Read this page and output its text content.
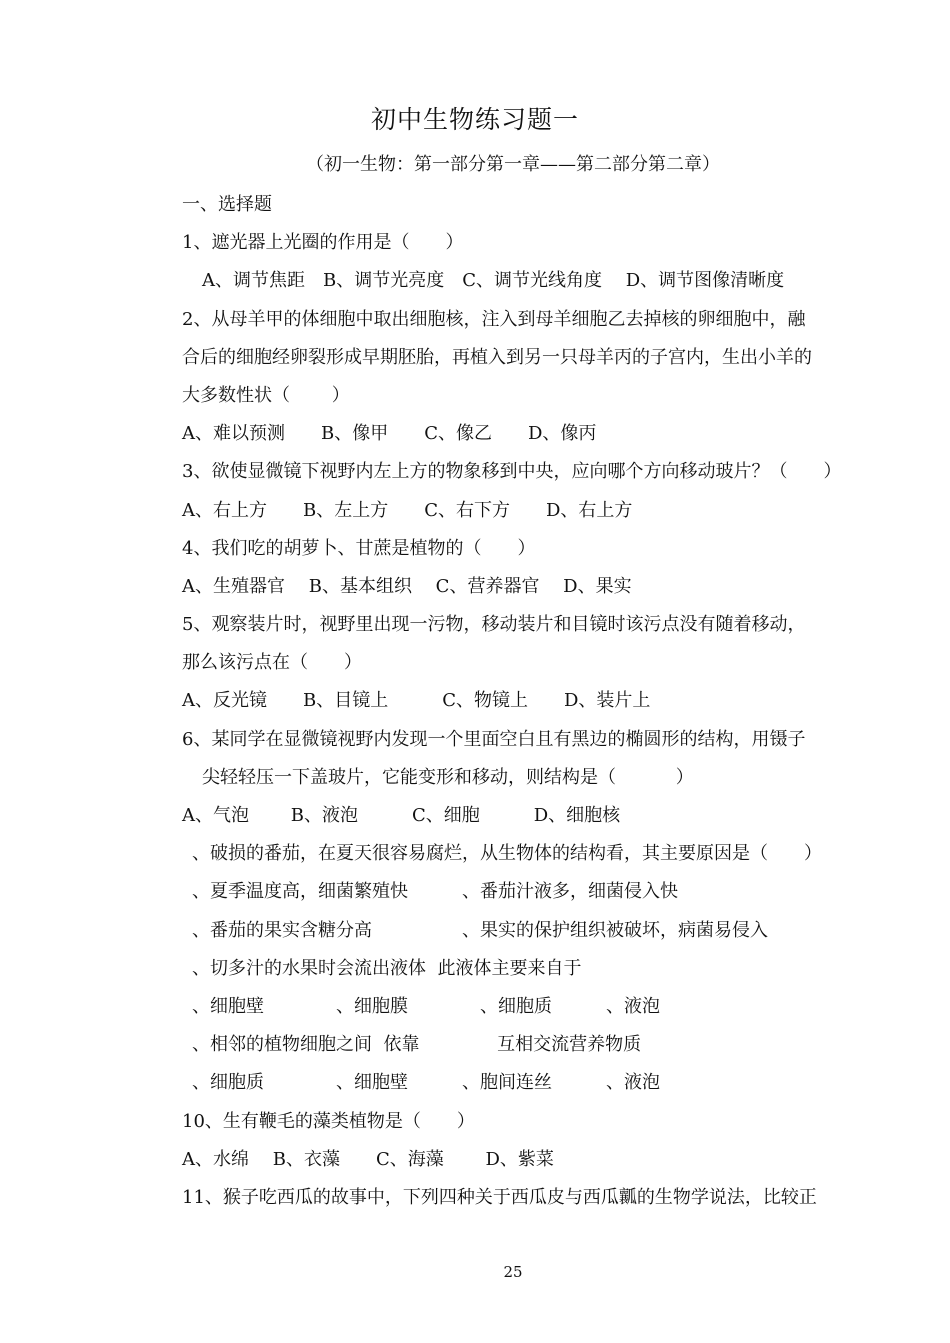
初中生物练习题一
（初一生物：第一部分第一章——第二部分第二章）
一、选择题
1、遮光器上光圈的作用是（　　）
A、调节焦距　B、调节光亮度　C、调节光线角度　 D、调节图像清晰度
2、从母羊甲的体细胞中取出细胞核，注入到母羊细胞乙去掉核的卵细胞中，融
合后的细胞经卵裂形成早期胚胎，再植入到另一只母羊丙的子宫内，生出小羊的
大多数性状（　　 ）
A、难以预测　　B、像甲　　C、像乙　　D、像丙
3、欲使显微镜下视野内左上方的物象移到中央，应向哪个方向移动玻片？（　　）
A、右上方　　B、左上方　　C、右下方　　D、右上方
4、我们吃的胡萝卜、甘蔗是植物的（　　）
A、生殖器官　 B、基本组织　 C、营养器官　 D、果实
5、观察装片时，视野里出现一污物，移动装片和目镜时该污点没有随着移动，
那么该污点在（　　）
A、反光镜　　B、目镜上　　　C、物镜上　　D、装片上
6、某同学在显微镜视野内发现一个里面空白且有黑边的椭圆形的结构，用镊子
尖轻轻压一下盖玻片，它能变形和移动，则结构是（　　　 ）
A、气泡　　 B、液泡　　　C、细胞　　　D、细胞核
、破损的番茄，在夏天很容易腐烂，从生物体的结构看，其主要原因是（　　）
、夏季温度高，细菌繁殖快　　　、番茄汁液多，细菌侵入快
、番茄的果实含糖分高　　　　　、果实的保护组织被破坏，病菌易侵入
、切多汁的水果时会流出液体  此液体主要来自于
、细胞壁　　　　、细胞膜　　　　、细胞质　　　、液泡
、相邻的植物细胞之间  依靠　　　　 互相交流营养物质
、细胞质　　　　、细胞壁　　　、胞间连丝　　　、液泡
10、生有鞭毛的藻类植物是（　　）
A、水绵　 B、衣藻　　C、海藻　　 D、紫菜
11、猴子吃西瓜的故事中，下列四种关于西瓜皮与西瓜瓤的生物学说法，比较正
25
